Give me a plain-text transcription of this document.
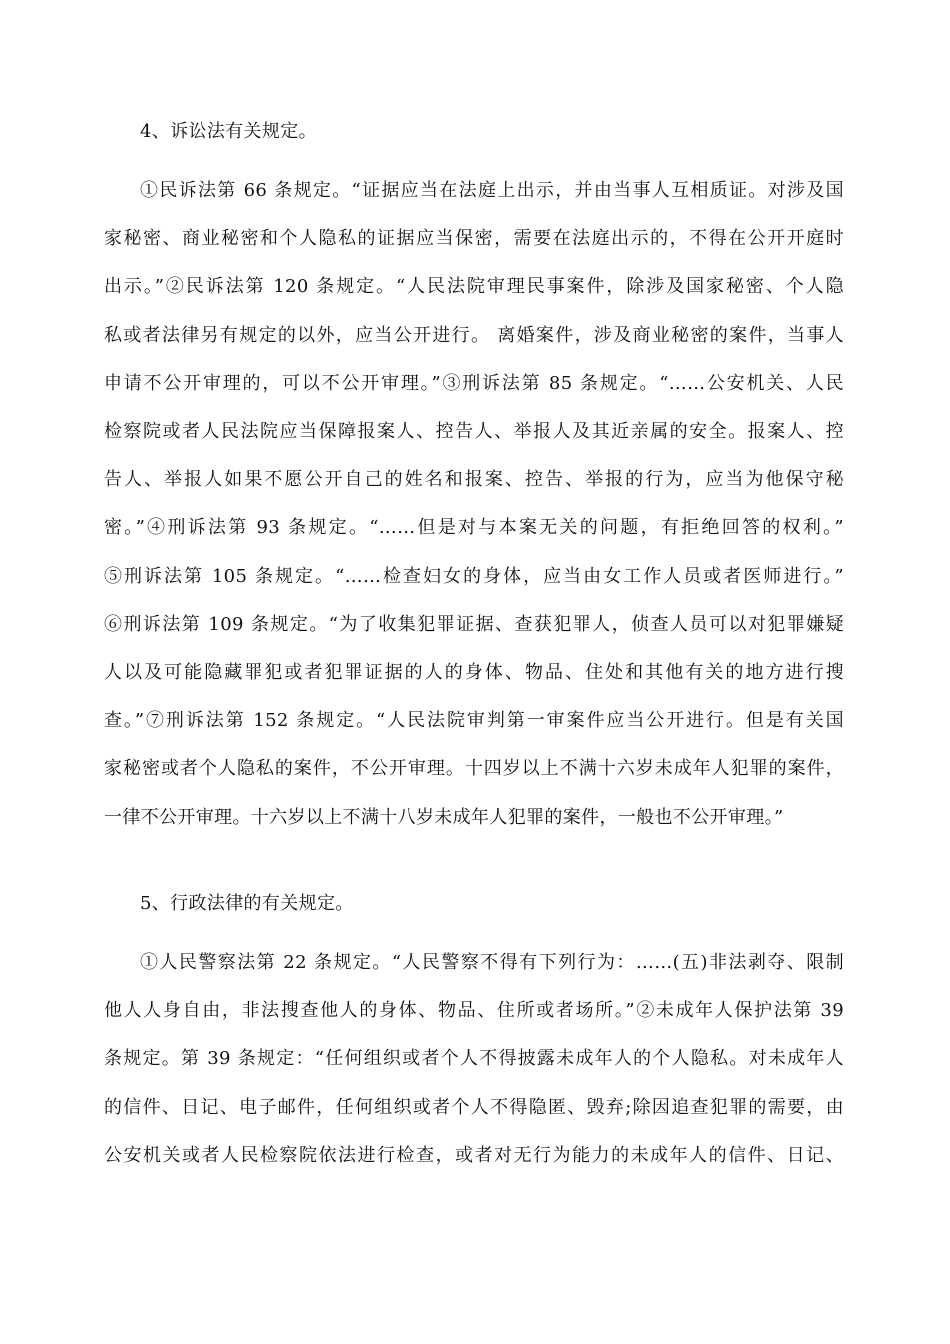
4、诉讼法有关规定。
①民诉法第 66 条规定。“证据应当在法庭上出示，并由当事人互相质证。对涉及国
家秘密、商业秘密和个人隐私的证据应当保密，需要在法庭出示的，不得在公开开庭时
出示。”②民诉法第 120 条规定。“人民法院审理民事案件，除涉及国家秘密、个人隐
私或者法律另有规定的以外，应当公开进行。 离婚案件，涉及商业秘密的案件，当事人
申请不公开审理的，可以不公开审理。”③刑诉法第 85 条规定。“……公安机关、人民
检察院或者人民法院应当保障报案人、控告人、举报人及其近亲属的安全。报案人、控
告人、举报人如果不愿公开自己的姓名和报案、控告、举报的行为，应当为他保守秘
密。”④刑诉法第 93 条规定。“……但是对与本案无关的问题，有拒绝回答的权利。”
⑤刑诉法第 105 条规定。“……检查妇女的身体，应当由女工作人员或者医师进行。”
⑥刑诉法第 109 条规定。“为了收集犯罪证据、查获犯罪人，侦查人员可以对犯罪嫌疑
人以及可能隐藏罪犯或者犯罪证据的人的身体、物品、住处和其他有关的地方进行搜
查。”⑦刑诉法第 152 条规定。“人民法院审判第一审案件应当公开进行。但是有关国
家秘密或者个人隐私的案件，不公开审理。十四岁以上不满十六岁未成年人犯罪的案件，
一律不公开审理。十六岁以上不满十八岁未成年人犯罪的案件，一般也不公开审理。”
5、行政法律的有关规定。
①人民警察法第 22 条规定。“人民警察不得有下列行为：……(五)非法剥夺、限制
他人人身自由，非法搜查他人的身体、物品、住所或者场所。”②未成年人保护法第 39
条规定。第 39 条规定：“任何组织或者个人不得披露未成年人的个人隐私。对未成年人
的信件、日记、电子邮件，任何组织或者个人不得隐匿、毁弃;除因追查犯罪的需要，由
公安机关或者人民检察院依法进行检查，或者对无行为能力的未成年人的信件、日记、
